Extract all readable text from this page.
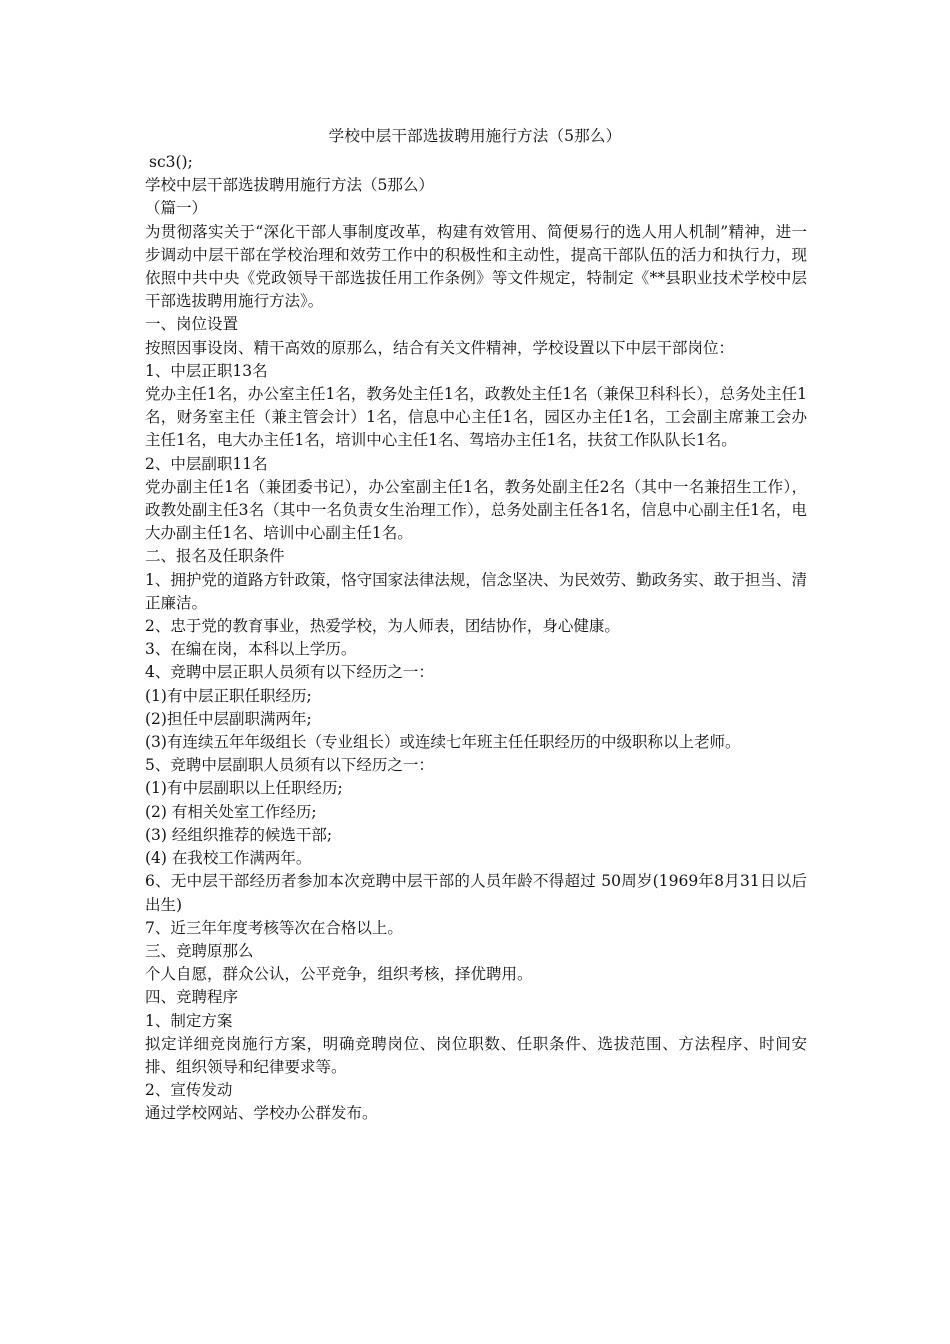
学校中层干部选拔聘用施行方法（5那么）

sc3();

学校中层干部选拔聘用施行方法（5那么）

（篇一）

为贯彻落实关于“深化干部人事制度改革，构建有效管用、简便易行的选人用人机制”精神，进一步调动中层干部在学校治理和效劳工作中的积极性和主动性，提高干部队伍的活力和执行力，现依照中共中央《党政领导干部选拔任用工作条例》等文件规定，特制定《**县职业技术学校中层干部选拔聘用施行方法》。

一、岗位设置

按照因事设岗、精干高效的原那么，结合有关文件精神，学校设置以下中层干部岗位：

1、中层正职13名

党办主任1名，办公室主任1名，教务处主任1名，政教处主任1名（兼保卫科科长），总务处主任1名，财务室主任（兼主管会计）1名，信息中心主任1名，园区办主任1名，工会副主席兼工会办主任1名，电大办主任1名，培训中心主任1名、驾培办主任1名，扶贫工作队队长1名。

2、中层副职11名

党办副主任1名（兼团委书记），办公室副主任1名，教务处副主任2名（其中一名兼招生工作），政教处副主任3名（其中一名负责女生治理工作），总务处副主任各1名，信息中心副主任1名，电大办副主任1名、培训中心副主任1名。

二、报名及任职条件

1、拥护党的道路方针政策，恪守国家法律法规，信念坚决、为民效劳、勤政务实、敢于担当、清正廉洁。

2、忠于党的教育事业，热爱学校，为人师表，团结协作，身心健康。

3、在编在岗，本科以上学历。

4、竞聘中层正职人员须有以下经历之一：

(1)有中层正职任职经历;

(2)担任中层副职满两年;

(3)有连续五年年级组长（专业组长）或连续七年班主任任职经历的中级职称以上老师。

5、竞聘中层副职人员须有以下经历之一：

(1)有中层副职以上任职经历;

(2) 有相关处室工作经历;

(3) 经组织推荐的候选干部;

(4) 在我校工作满两年。

6、无中层干部经历者参加本次竞聘中层干部的人员年龄不得超过 50周岁(1969年8月31日以后出生)

7、近三年年度考核等次在合格以上。

三、竞聘原那么

个人自愿，群众公认，公平竞争，组织考核，择优聘用。

四、竞聘程序

1、制定方案

拟定详细竞岗施行方案，明确竞聘岗位、岗位职数、任职条件、选拔范围、方法程序、时间安排、组织领导和纪律要求等。

2、宣传发动

通过学校网站、学校办公群发布。
